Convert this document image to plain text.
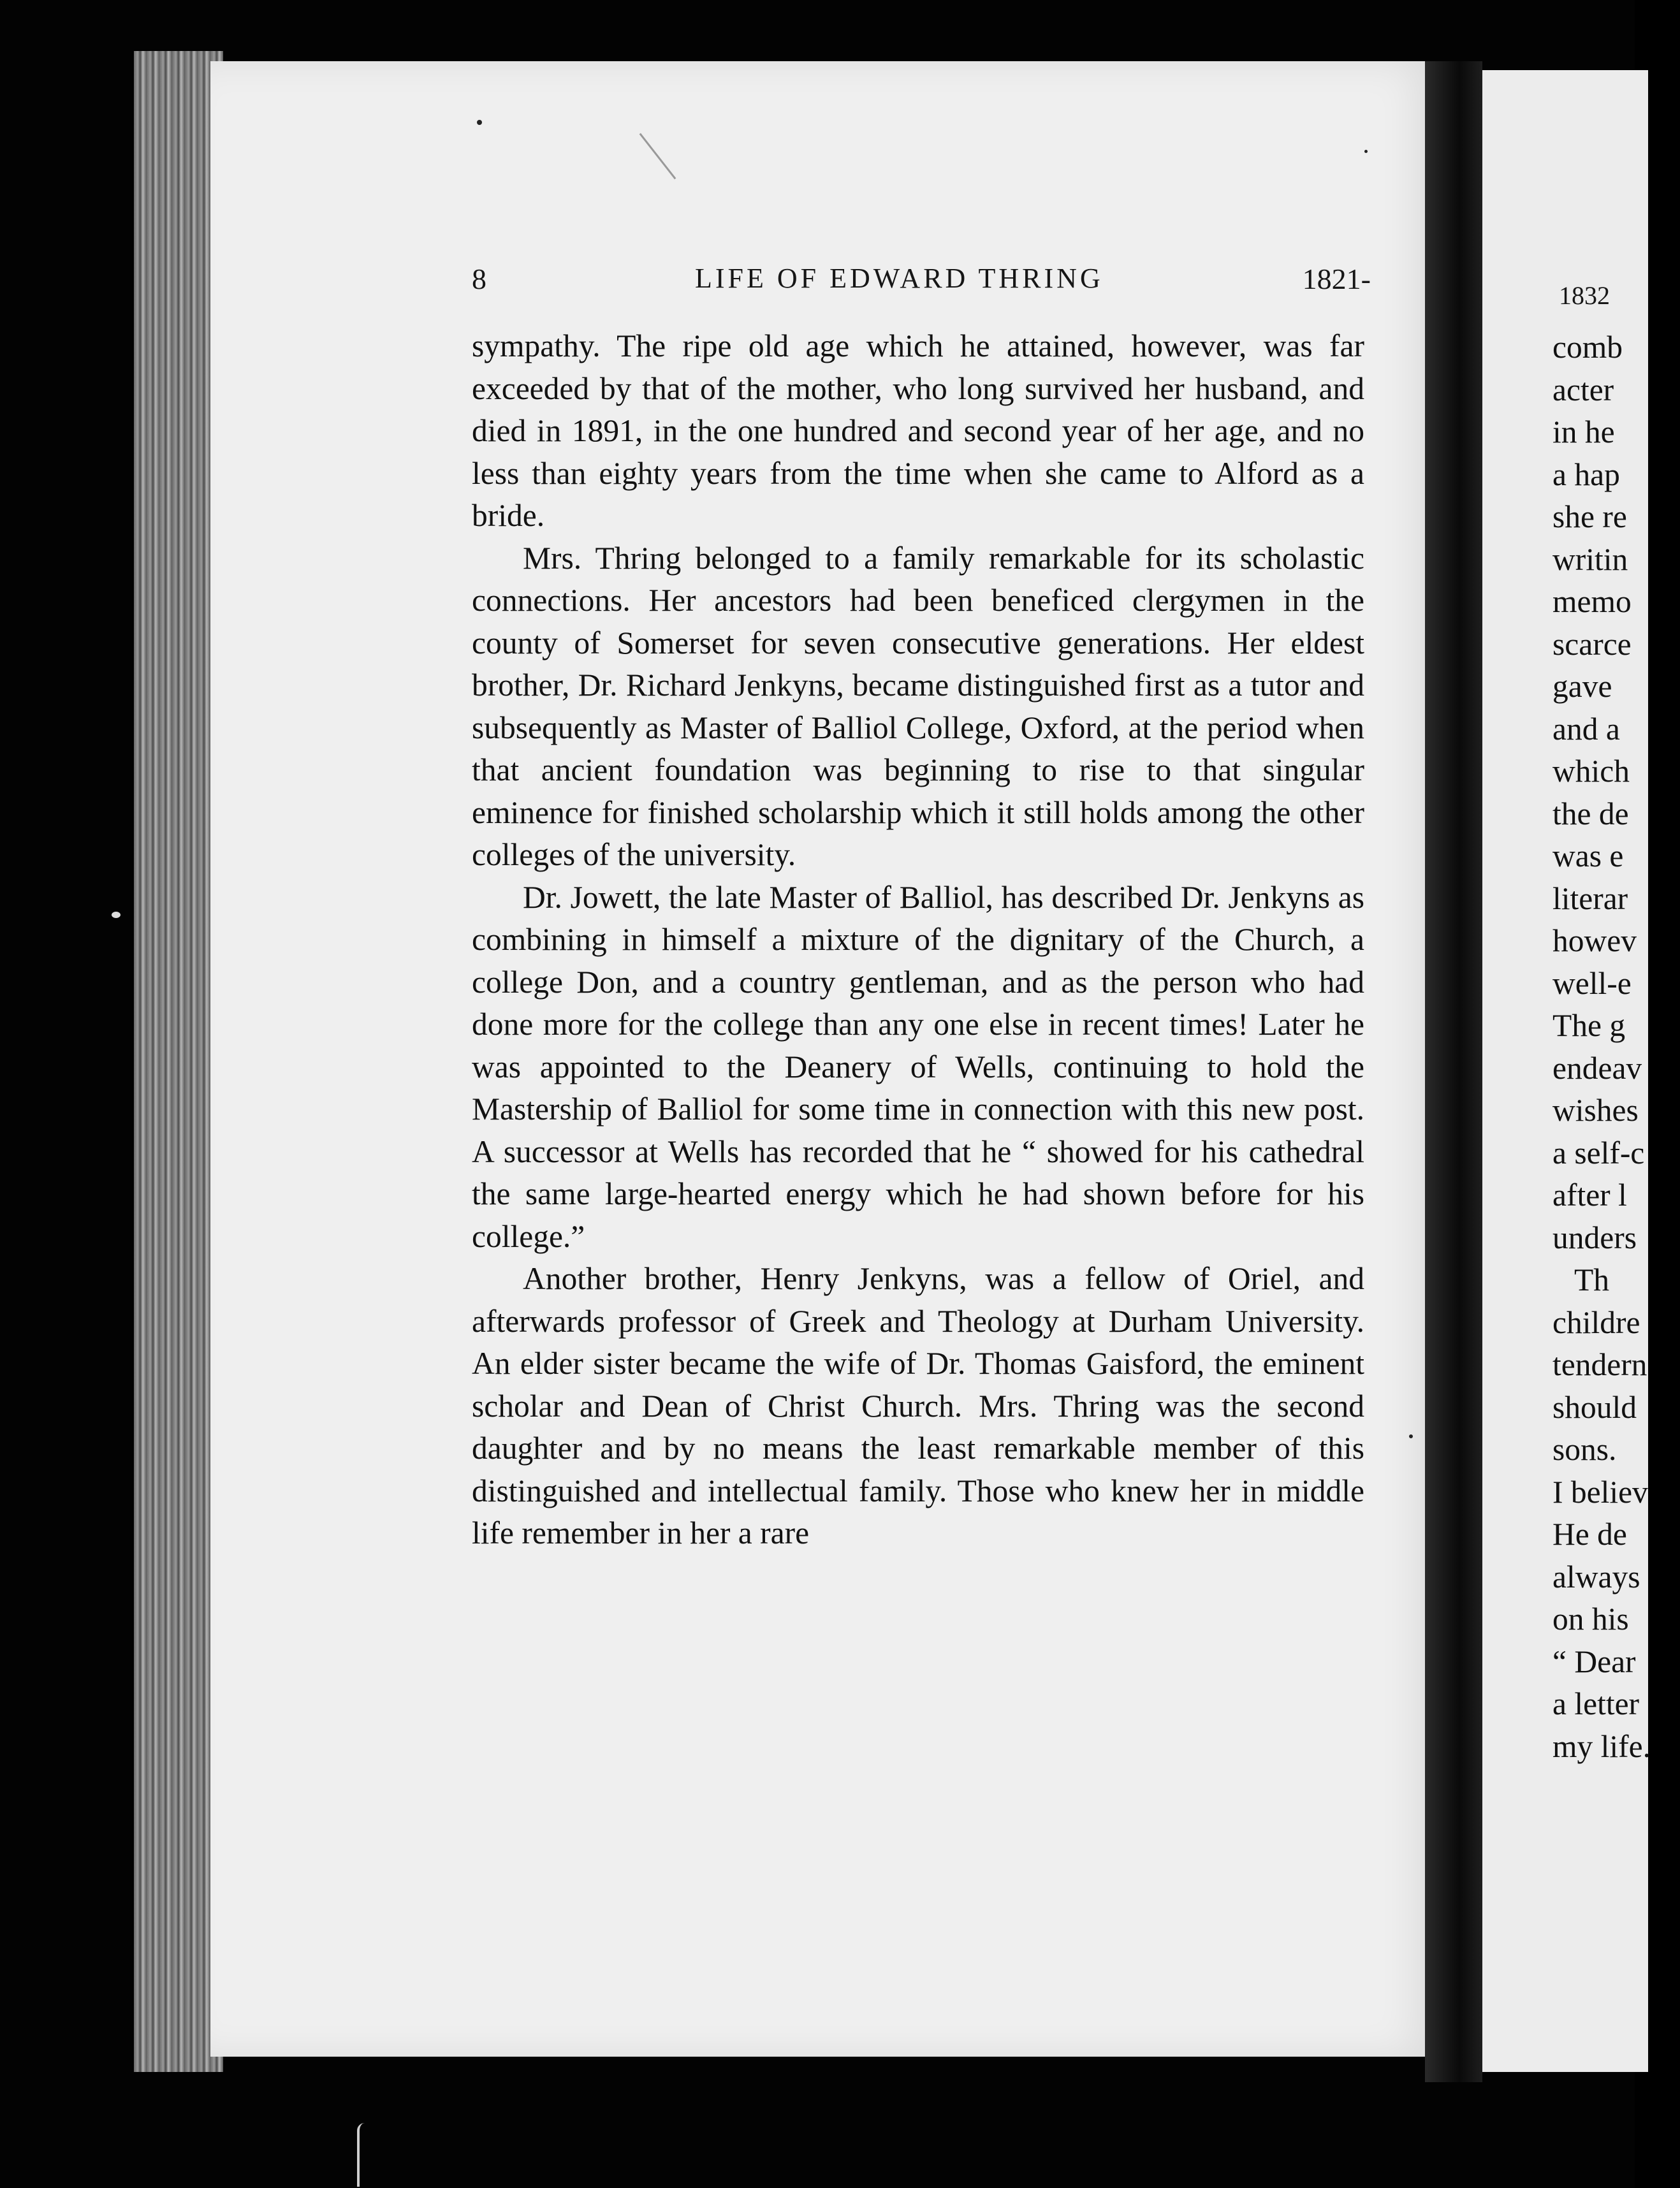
8	LIFE OF EDWARD THRING	1821-

sympathy. The ripe old age which he attained, however, was far exceeded by that of the mother, who long survived her husband, and died in 1891, in the one hundred and second year of her age, and no less than eighty years from the time when she came to Alford as a bride.

Mrs. Thring belonged to a family remarkable for its scholastic connections. Her ancestors had been beneficed clergymen in the county of Somerset for seven consecutive generations. Her eldest brother, Dr. Richard Jenkyns, became distinguished first as a tutor and subsequently as Master of Balliol College, Oxford, at the period when that ancient foundation was beginning to rise to that singular eminence for finished scholarship which it still holds among the other colleges of the university.

Dr. Jowett, the late Master of Balliol, has described Dr. Jenkyns as combining in himself a mixture of the dignitary of the Church, a college Don, and a country gentleman, and as the person who had done more for the college than any one else in recent times! Later he was appointed to the Deanery of Wells, continuing to hold the Mastership of Balliol for some time in connection with this new post. A successor at Wells has recorded that he “ showed for his cathedral the same large-hearted energy which he had shown before for his college.”

Another brother, Henry Jenkyns, was a fellow of Oriel, and afterwards professor of Greek and Theology at Durham University. An elder sister became the wife of Dr. Thomas Gaisford, the eminent scholar and Dean of Christ Church. Mrs. Thring was the second daughter and by no means the least remarkable member of this distinguished and intellectual family. Those who knew her in middle life remember in her a rare

1832
comb
acter
in he
a hap
she re
writin
memo
scarce
gave
and a
which
the de
was e
literar
howev
well-e
The g
endeav
wishes
a self-c
after l
unders
Th
childre
tendern
should
sons.
I believ
He de
always
on his
“ Dear
a letter
my life.
